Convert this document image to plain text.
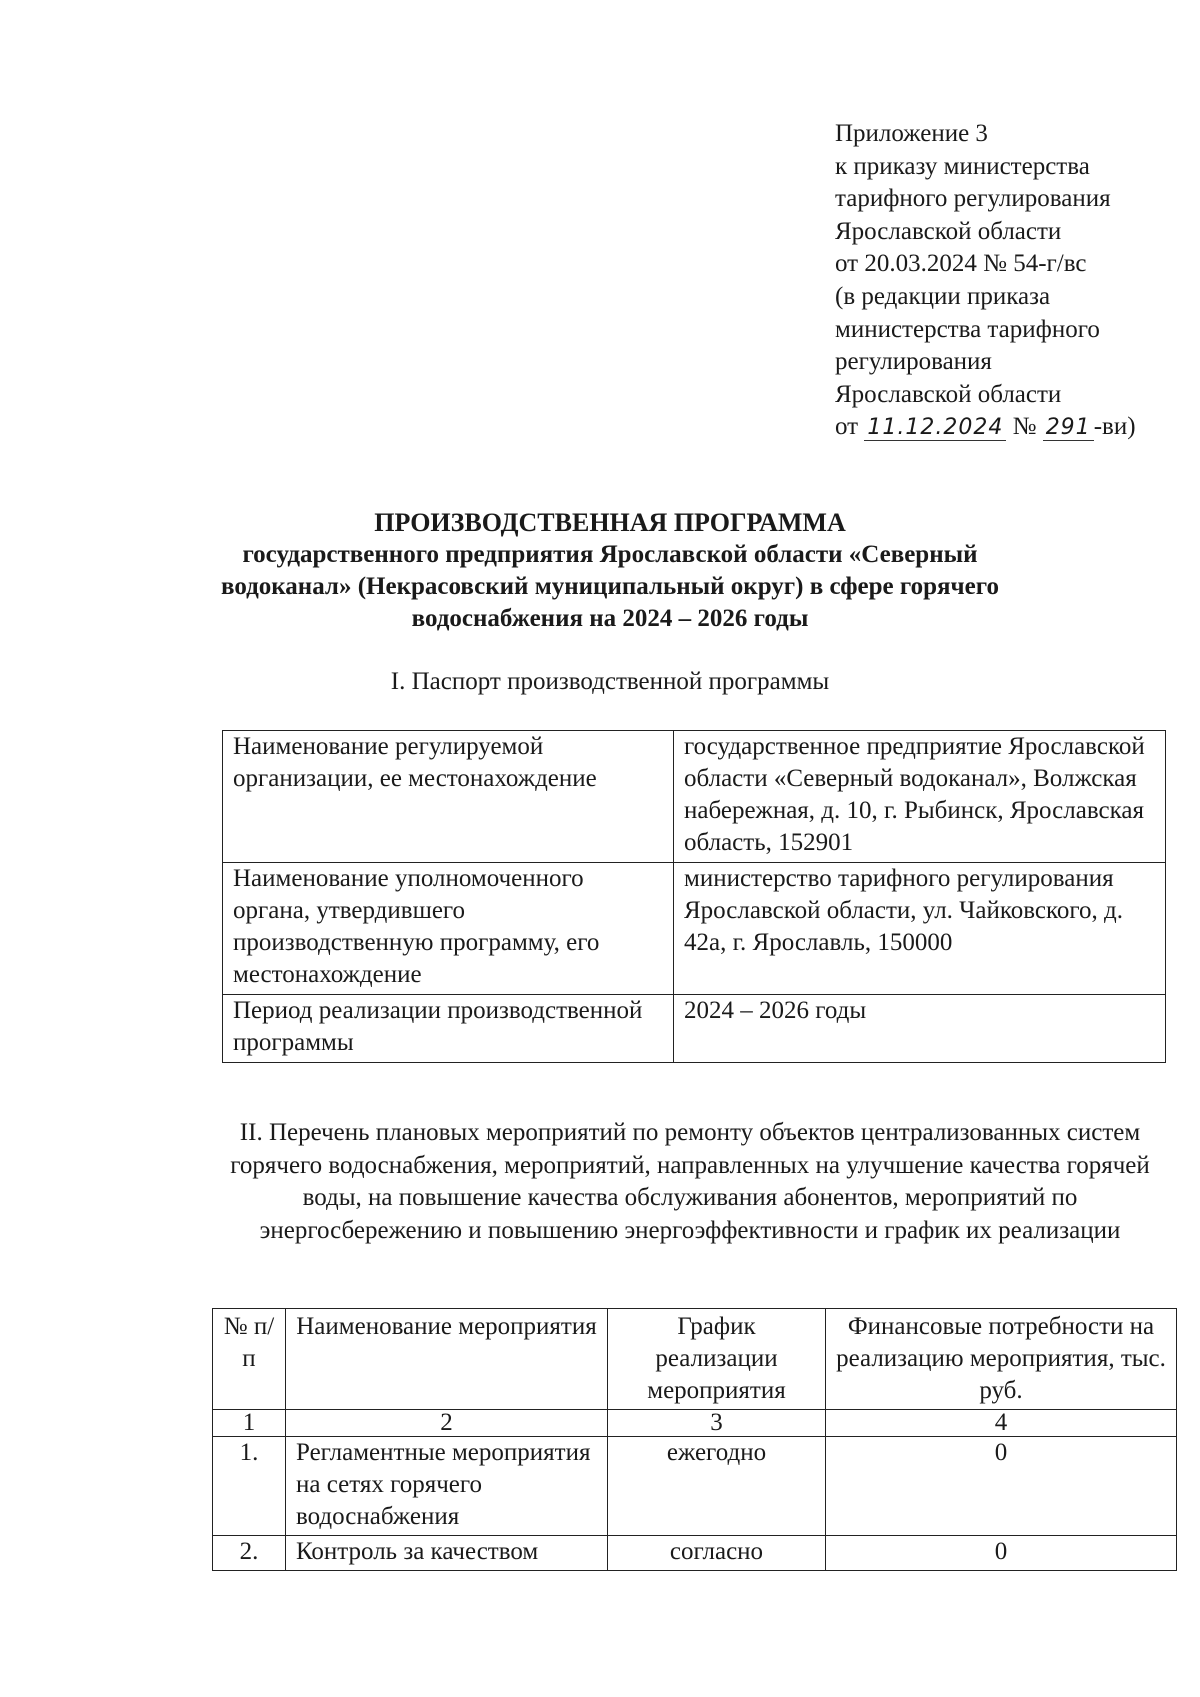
Приложение 3
к приказу министерства
тарифного регулирования
Ярославской области
от 20.03.2024 № 54-г/вс
(в редакции приказа
министерства тарифного
регулирования
Ярославской области
от 11.12.2024 № 291 -ви)
ПРОИЗВОДСТВЕННАЯ ПРОГРАММА
государственного предприятия Ярославской области «Северный
водоканал» (Некрасовский муниципальный округ) в сфере горячего
водоснабжения на 2024 – 2026 годы
I. Паспорт производственной программы
Наименование регулируемой организации, ее местонахождение	государственное предприятие Ярославской области «Северный водоканал», Волжская набережная, д. 10, г. Рыбинск, Ярославская область, 152901
Наименование уполномоченного органа, утвердившего производственную программу, его местонахождение	министерство тарифного регулирования Ярославской области, ул. Чайковского, д. 42а, г. Ярославль, 150000
Период реализации производственной программы	2024 – 2026 годы
II. Перечень плановых мероприятий по ремонту объектов централизованных систем горячего водоснабжения, мероприятий, направленных на улучшение качества горячей воды, на повышение качества обслуживания абонентов, мероприятий по энергосбережению и повышению энергоэффективности и график их реализации
№ п/п	Наименование мероприятия	График реализации мероприятия	Финансовые потребности на реализацию мероприятия, тыс. руб.
1	2	3	4
1.	Регламентные мероприятия на сетях горячего водоснабжения	ежегодно	0
2.	Контроль за качеством	согласно	0
